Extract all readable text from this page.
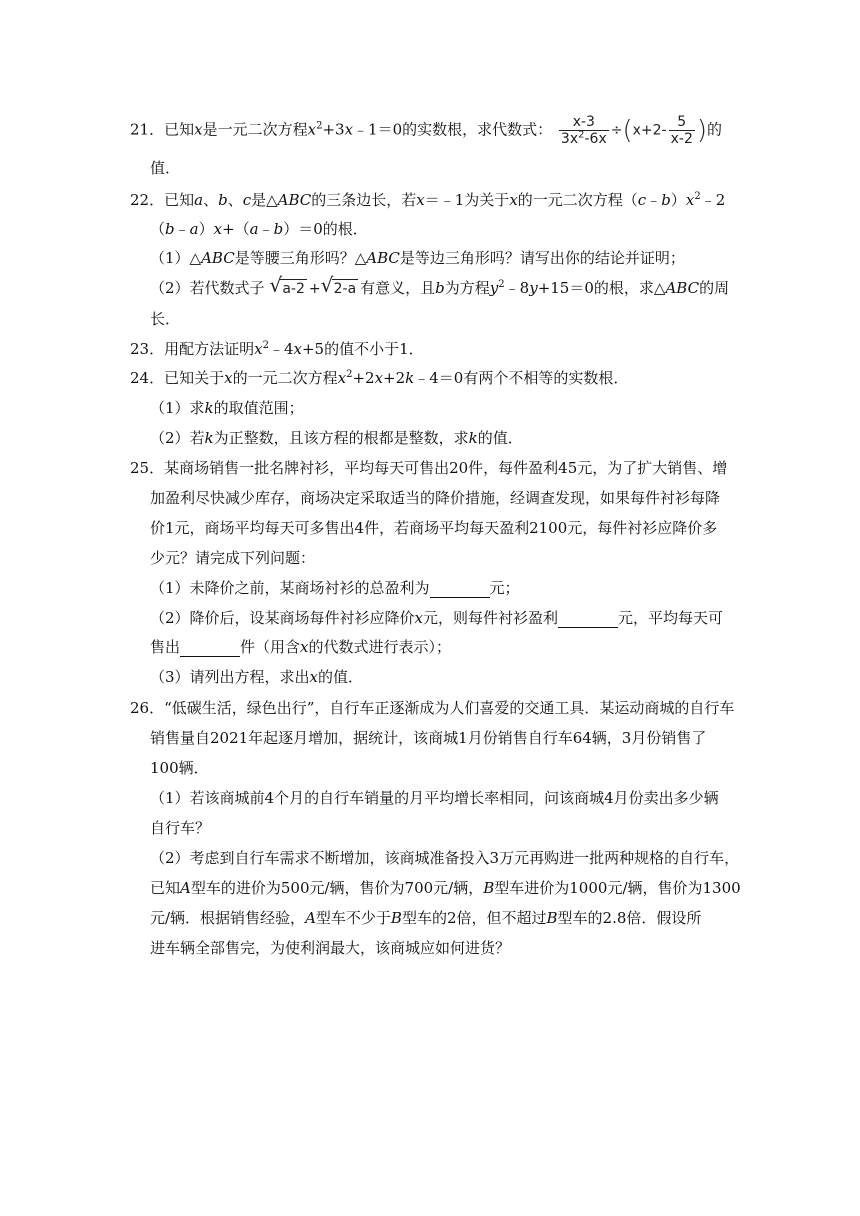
21．已知x是一元二次方程$x^2+3x﹣1=0$的实数根，求代数式： $\frac{x-3}{3x^2-6x} \div(x+2- \frac{5}{x-2}$ )的
值．
22．已知a、b、c是△ABC的三条边长，若x＝﹣1为关于x的一元二次方程$(c﹣b)x^2﹣2$
（b﹣a）x+（a﹣b）＝0的根．
（1）△ABC是等腰三角形吗？△ABC是等边三角形吗？请写出你的结论并证明；
（2）若代数式子 √ a-2 + √ 2-a 有意义，且b为方程$y^2﹣8y+15=0$的根，求△ABC的周
长．
23．用配方法证明$x^2﹣4x+5$的值不小于1．
24．已知关于x的一元二次方程$x^2+2x+2k﹣4=0$有两个不相等的实数根．
（1）求k的取值范围；
（2）若k为正整数，且该方程的根都是整数，求k的值．
25．某商场销售一批名牌衬衫，平均每天可售出20件，每件盈利45元，为了扩大销售、增
加盈利尽快减少库存，商场决定采取适当的降价措施，经调查发现，如果每件衬衫每降
价1元，商场平均每天可多售出4件，若商场平均每天盈利2100元，每件衬衫应降价多
少元？请完成下列问题：
（1）未降价之前，某商场衬衫的总盈利为	元；
（2）降价后，设某商场每件衬衫应降价x元，则每件衬衫盈利	元，平均每天可
售出	件（用含x的代数式进行表示）；
（3）请列出方程，求出x的值．
26．“低碳生活，绿色出行”，自行车正逐渐成为人们喜爱的交通工具．某运动商城的自行车
销售量自2021年起逐月增加，据统计，该商城1月份销售自行车64辆，3月份销售了
100辆．
（1）若该商城前4个月的自行车销量的月平均增长率相同，问该商城4月份卖出多少辆
自行车？
（2）考虑到自行车需求不断增加，该商城准备投入3万元再购进一批两种规格的自行车，
已知A型车的进价为500元/辆，售价为700元/辆，B型车进价为1000元/辆，售价为1300
元/辆．根据销售经验，A型车不少于B型车的2倍，但不超过B型车的2.8倍．假设所
进车辆全部售完，为使利润最大，该商城应如何进货？
